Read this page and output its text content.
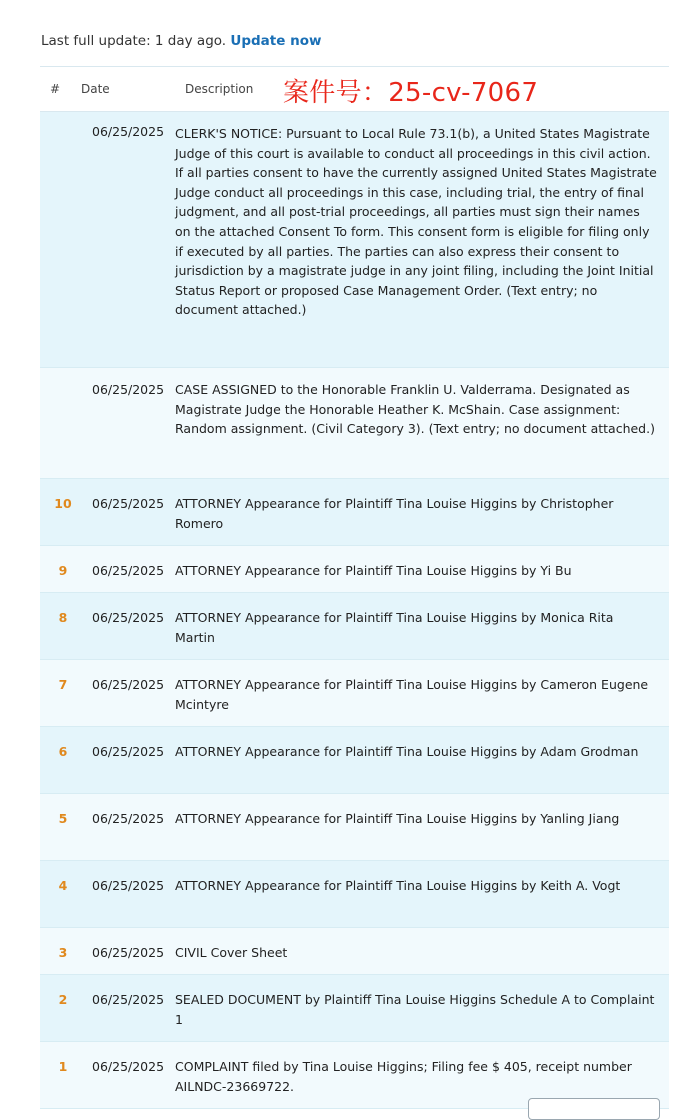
Last full update: 1 day ago. Update now
# Date	Description 案件号：25-cv-7067
06/25/2025 CLERK'S NOTICE: Pursuant to Local Rule 73.1(b), a United States Magistrate Judge of this court is available to conduct all proceedings in this civil action. If all parties consent to have the currently assigned United States Magistrate Judge conduct all proceedings in this case, including trial, the entry of final judgment, and all post-trial proceedings, all parties must sign their names on the attached Consent To form. This consent form is eligible for filing only if executed by all parties. The parties can also express their consent to jurisdiction by a magistrate judge in any joint filing, including the Joint Initial Status Report or proposed Case Management Order. (Text entry; no document attached.)
06/25/2025 CASE ASSIGNED to the Honorable Franklin U. Valderrama. Designated as Magistrate Judge the Honorable Heather K. McShain. Case assignment: Random assignment. (Civil Category 3). (Text entry; no document attached.)
10	06/25/2025 ATTORNEY Appearance for Plaintiff Tina Louise Higgins by Christopher Romero
9	06/25/2025 ATTORNEY Appearance for Plaintiff Tina Louise Higgins by Yi Bu
8	06/25/2025 ATTORNEY Appearance for Plaintiff Tina Louise Higgins by Monica Rita Martin
7	06/25/2025 ATTORNEY Appearance for Plaintiff Tina Louise Higgins by Cameron Eugene Mcintyre
6	06/25/2025 ATTORNEY Appearance for Plaintiff Tina Louise Higgins by Adam Grodman
5	06/25/2025 ATTORNEY Appearance for Plaintiff Tina Louise Higgins by Yanling Jiang
4	06/25/2025 ATTORNEY Appearance for Plaintiff Tina Louise Higgins by Keith A. Vogt
3	06/25/2025 CIVIL Cover Sheet
2	06/25/2025 SEALED DOCUMENT by Plaintiff Tina Louise Higgins Schedule A to Complaint 1
1	06/25/2025 COMPLAINT filed by Tina Louise Higgins; Filing fee $ 405, receipt number AILNDC-23669722.
